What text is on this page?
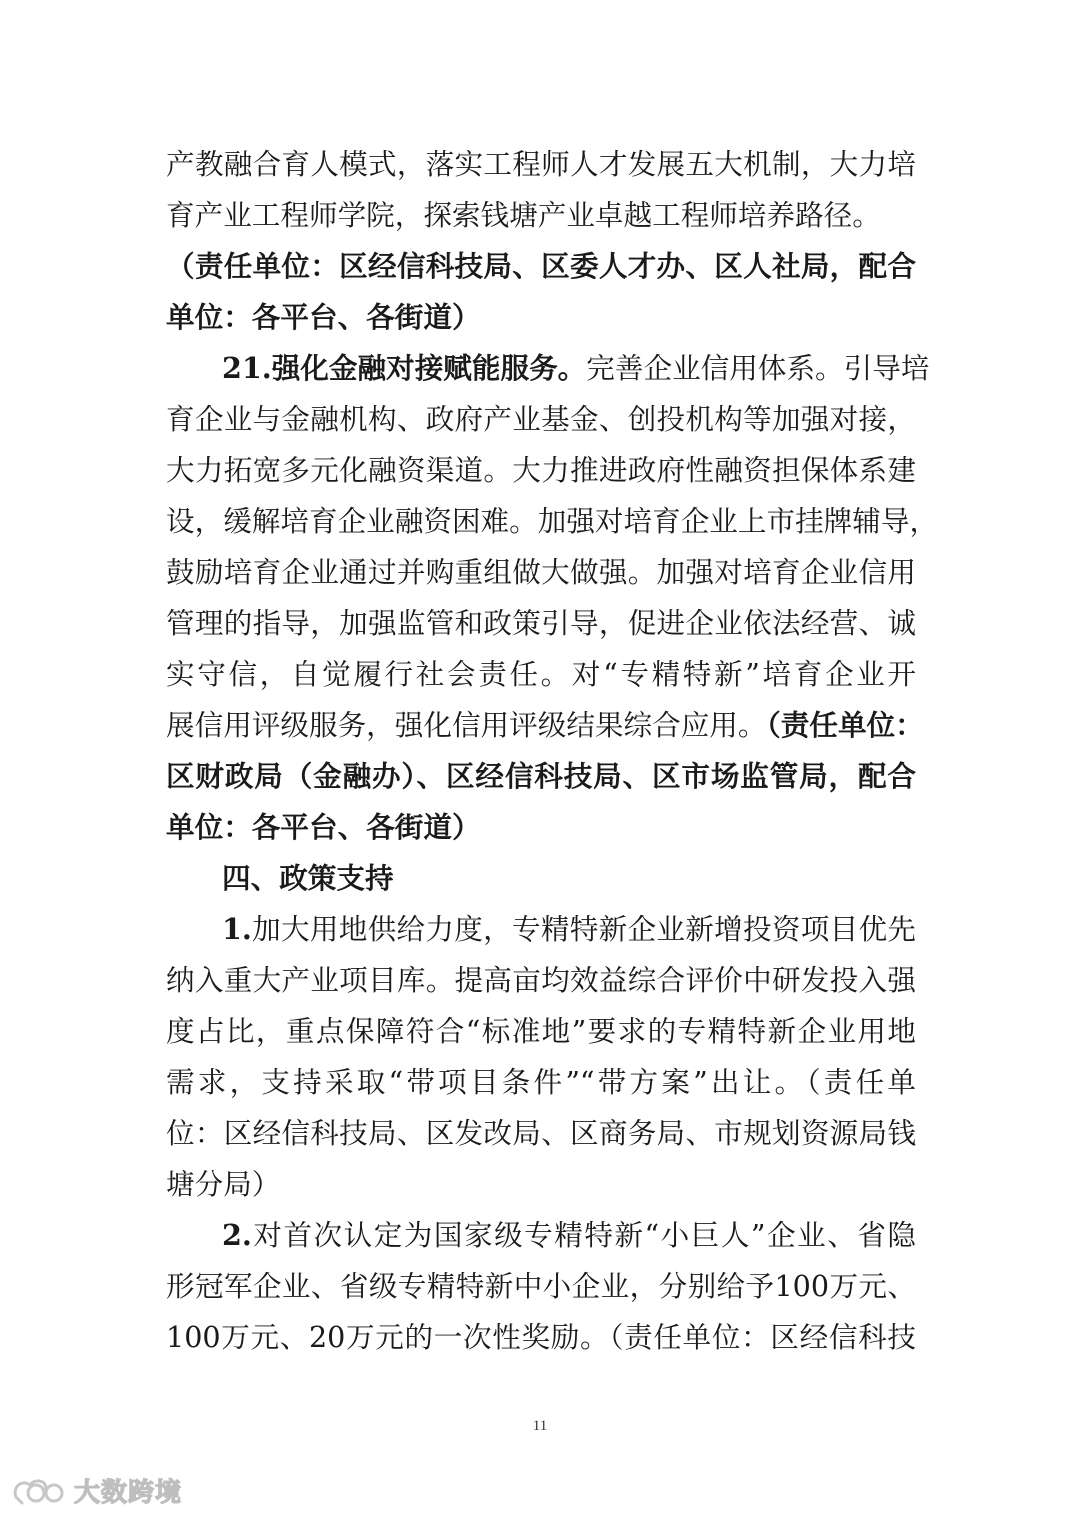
产教融合育人模式，落实工程师人才发展五大机制，大力培
育产业工程师学院，探索钱塘产业卓越工程师培养路径。
（责任单位：区经信科技局、区委人才办、区人社局，配合
单位：各平台、各街道）
21.强化金融对接赋能服务。完善企业信用体系。引导培
育企业与金融机构、政府产业基金、创投机构等加强对接，
大力拓宽多元化融资渠道。大力推进政府性融资担保体系建
设，缓解培育企业融资困难。加强对培育企业上市挂牌辅导，
鼓励培育企业通过并购重组做大做强。加强对培育企业信用
管理的指导，加强监管和政策引导，促进企业依法经营、诚
实守信，自觉履行社会责任。对“专精特新”培育企业开
展信用评级服务，强化信用评级结果综合应用。（责任单位：
区财政局（金融办）、区经信科技局、区市场监管局，配合
单位：各平台、各街道）
四、政策支持
1.加大用地供给力度，专精特新企业新增投资项目优先
纳入重大产业项目库。提高亩均效益综合评价中研发投入强
度占比，重点保障符合“标准地”要求的专精特新企业用地
需求，支持采取“带项目条件”“带方案”出让。（责任单
位：区经信科技局、区发改局、区商务局、市规划资源局钱
塘分局）
2.对首次认定为国家级专精特新“小巨人”企业、省隐
形冠军企业、省级专精特新中小企业，分别给予100万元、
100万元、20万元的一次性奖励。（责任单位：区经信科技
11
大数跨境
